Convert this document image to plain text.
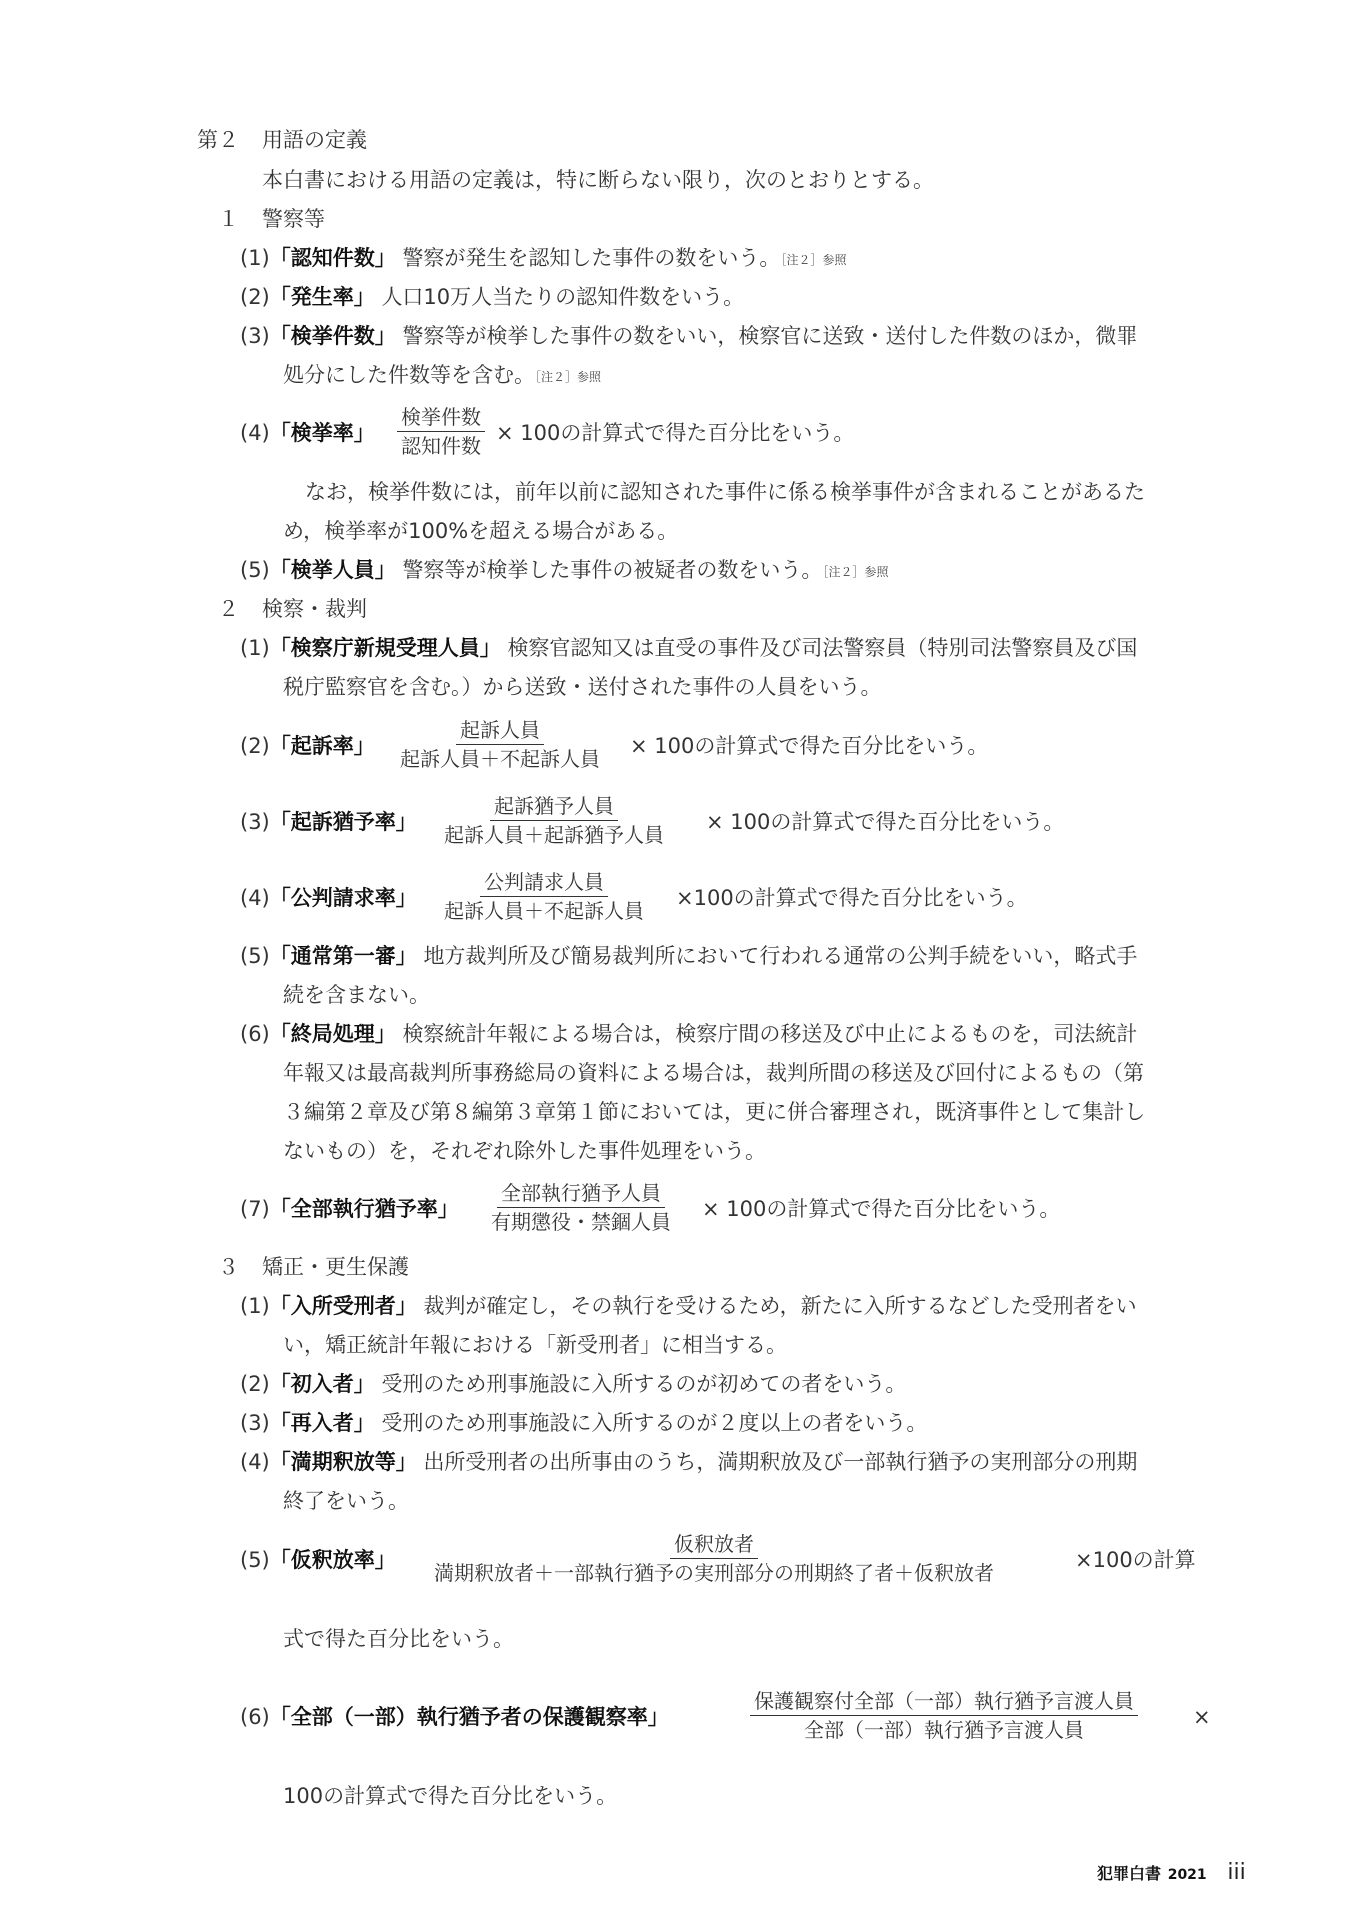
第２ 用語の定義
本白書における用語の定義は，特に断らない限り，次のとおりとする。
１ 警察等
(1)「認知件数」 警察が発生を認知した事件の数をいう。［注２］参照
(2)「発生率」 人口10万人当たりの認知件数をいう。
(3)「検挙件数」 警察等が検挙した事件の数をいい，検察官に送致・送付した件数のほか，微罪
処分にした件数等を含む。［注２］参照
(4)「検挙率」
検挙件数
認知件数
× 100の計算式で得た百分比をいう。
なお，検挙件数には，前年以前に認知された事件に係る検挙事件が含まれることがあるた
め，検挙率が100%を超える場合がある。
(5)「検挙人員」 警察等が検挙した事件の被疑者の数をいう。［注２］参照
２ 検察・裁判
(1)「検察庁新規受理人員」 検察官認知又は直受の事件及び司法警察員（特別司法警察員及び国
税庁監察官を含む。）から送致・送付された事件の人員をいう。
(2)「起訴率」
起訴人員
起訴人員＋不起訴人員
× 100の計算式で得た百分比をいう。
(3)「起訴猶予率」
起訴猶予人員
起訴人員＋起訴猶予人員
× 100の計算式で得た百分比をいう。
(4)「公判請求率」
公判請求人員
起訴人員＋不起訴人員
×100の計算式で得た百分比をいう。
(5)「通常第一審」 地方裁判所及び簡易裁判所において行われる通常の公判手続をいい，略式手
続を含まない。
(6)「終局処理」 検察統計年報による場合は，検察庁間の移送及び中止によるものを，司法統計
年報又は最高裁判所事務総局の資料による場合は，裁判所間の移送及び回付によるもの（第
３編第２章及び第８編第３章第１節においては，更に併合審理され，既済事件として集計し
ないもの）を，それぞれ除外した事件処理をいう。
(7)「全部執行猶予率」
全部執行猶予人員
有期懲役・禁錮人員
× 100の計算式で得た百分比をいう。
３ 矯正・更生保護
(1)「入所受刑者」 裁判が確定し，その執行を受けるため，新たに入所するなどした受刑者をい
い，矯正統計年報における「新受刑者」に相当する。
(2)「初入者」 受刑のため刑事施設に入所するのが初めての者をいう。
(3)「再入者」 受刑のため刑事施設に入所するのが２度以上の者をいう。
(4)「満期釈放等」 出所受刑者の出所事由のうち，満期釈放及び一部執行猶予の実刑部分の刑期
終了をいう。
(5)「仮釈放率」
仮釈放者
満期釈放者＋一部執行猶予の実刑部分の刑期終了者＋仮釈放者
×100の計算
式で得た百分比をいう。
(6)「全部（一部）執行猶予者の保護観察率」
保護観察付全部（一部）執行猶予言渡人員
全部（一部）執行猶予言渡人員
×
100の計算式で得た百分比をいう。
犯罪白書 2021 iii
